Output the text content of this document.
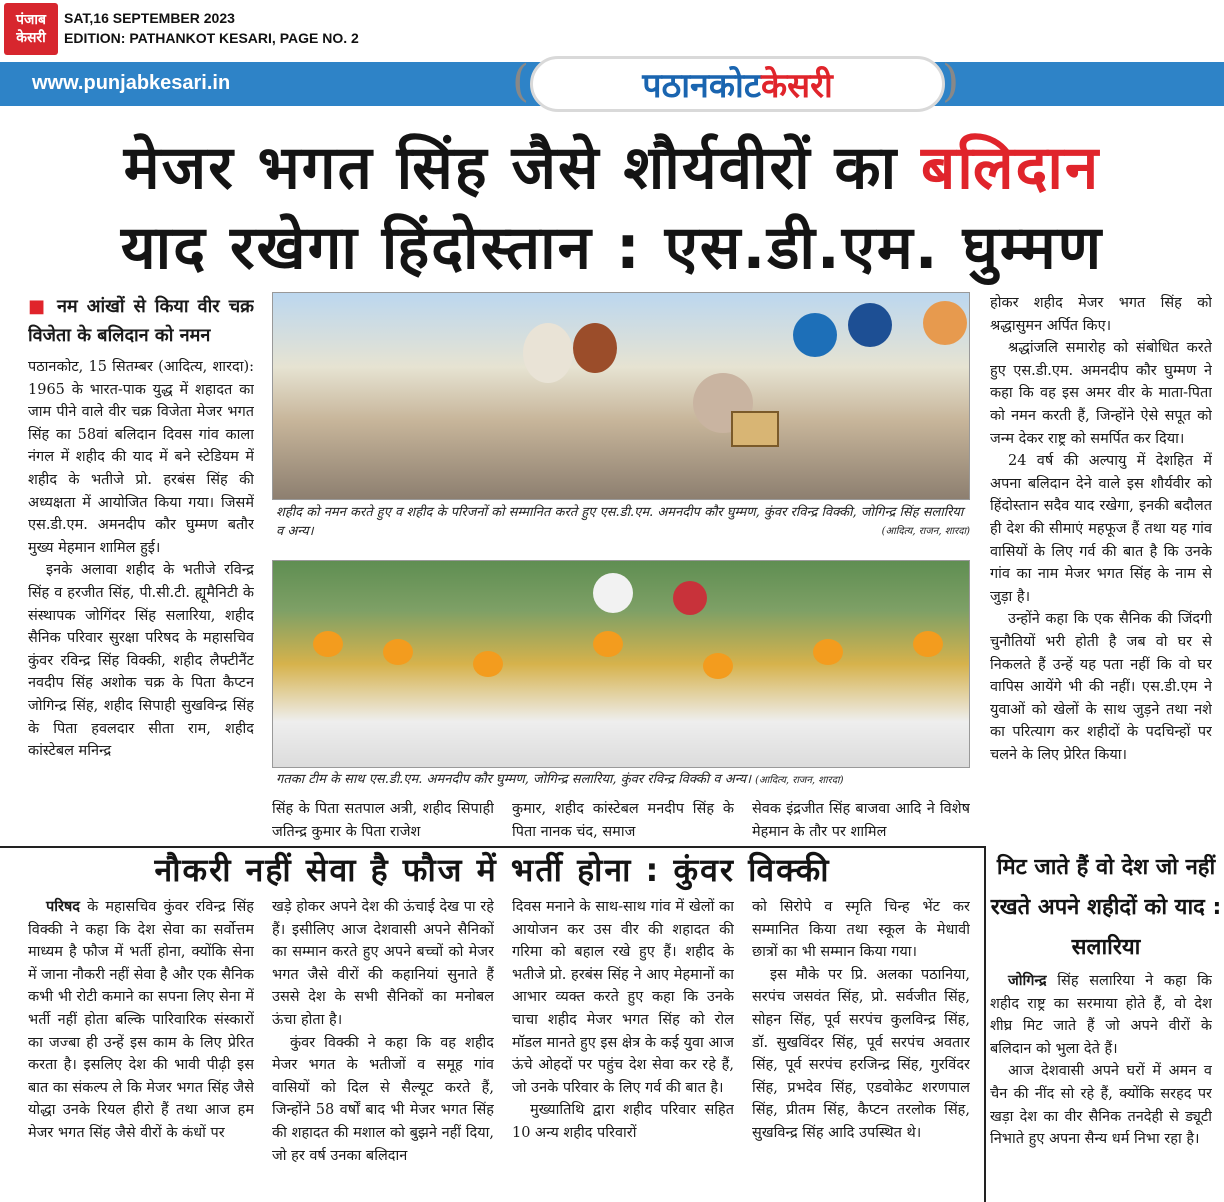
पंजाब
केसरी
SAT,16 SEPTEMBER 2023
EDITION: PATHANKOT KESARI, PAGE NO. 2
www.punjabkesari.in	(	पठानकोट केसरी )
मेजर भगत सिंह जैसे शौर्यवीरों का बलिदान
याद रखेगा हिंदोस्तान : एस.डी.एम. घुम्मण
■ नम आंखों से किया वीर चक्र विजेता के बलिदान को नमन

पठानकोट, 15 सितम्बर (आदित्य, शारदा): 1965 के भारत-पाक युद्ध में शहादत का जाम पीने वाले वीर चक्र विजेता मेजर भगत सिंह का 58वां बलिदान दिवस गांव काला नंगल में शहीद की याद में बने स्टेडियम में शहीद के भतीजे प्रो. हरबंस सिंह की अध्यक्षता में आयोजित किया गया। जिसमें एस.डी.एम. अमनदीप कौर घुम्मण बतौर मुख्य मेहमान शामिल हुई।

इनके अलावा शहीद के भतीजे रविन्द्र सिंह व हरजीत सिंह, पी.सी.टी. ह्यूमैनिटी के संस्थापक जोगिंदर सिंह सलारिया, शहीद सैनिक परिवार सुरक्षा परिषद के महासचिव कुंवर रविन्द्र सिंह विक्की, शहीद लैफ्टीनैंट नवदीप सिंह अशोक चक्र के पिता कैप्टन जोगिन्द्र सिंह, शहीद सिपाही सुखविन्द्र सिंह के पिता हवलदार सीता राम, शहीद कांस्टेबल मनिन्द्र

शहीद को नमन करते हुए व शहीद के परिजनों को सम्मानित करते हुए एस.डी.एम. अमनदीप कौर घुम्मण, कुंवर रविन्द्र विक्की, जोगिन्द्र सिंह सलारिया व अन्य।	(आदित्य, राजन, शारदा)
गतका टीम के साथ एस.डी.एम. अमनदीप कौर घुम्मण, जोगिन्द्र सलारिया, कुंवर रविन्द्र विक्की व अन्य। (आदित्य, राजन, शारदा)

सिंह के पिता सतपाल अत्री, शहीद सिपाही जतिन्द्र कुमार के पिता राजेश

कुमार, शहीद कांस्टेबल मनदीप सिंह के पिता नानक चंद, समाज

सेवक इंद्रजीत सिंह बाजवा आदि ने विशेष मेहमान के तौर पर शामिल

होकर शहीद मेजर भगत सिंह को श्रद्धासुमन अर्पित किए।

श्रद्धांजलि समारोह को संबोधित करते हुए एस.डी.एम. अमनदीप कौर घुम्मण ने कहा कि वह इस अमर वीर के माता-पिता को नमन करती हैं, जिन्होंने ऐसे सपूत को जन्म देकर राष्ट्र को समर्पित कर दिया।

24 वर्ष की अल्पायु में देशहित में अपना बलिदान देने वाले इस शौर्यवीर को हिंदोस्तान सदैव याद रखेगा, इनकी बदौलत ही देश की सीमाएं महफूज हैं तथा यह गांव वासियों के लिए गर्व की बात है कि उनके गांव का नाम मेजर भगत सिंह के नाम से जुड़ा है।

उन्होंने कहा कि एक सैनिक की जिंदगी चुनौतियों भरी होती है जब वो घर से निकलते हैं उन्हें यह पता नहीं कि वो घर वापिस आयेंगे भी की नहीं। एस.डी.एम ने युवाओं को खेलों के साथ जुड़ने तथा नशे का परित्याग कर शहीदों के पदचिन्हों पर चलने के लिए प्रेरित किया।

नौकरी नहीं सेवा है फौज में भर्ती होना : कुंवर विक्की

परिषद के महासचिव कुंवर रविन्द्र सिंह विक्की ने कहा कि देश सेवा का सर्वोत्तम माध्यम है फौज में भर्ती होना, क्योंकि सेना में जाना नौकरी नहीं सेवा है और एक सैनिक कभी भी रोटी कमाने का सपना लिए सेना में भर्ती नहीं होता बल्कि पारिवारिक संस्कारों का जज्बा ही उन्हें इस काम के लिए प्रेरित करता है। इसलिए देश की भावी पीढ़ी इस बात का संकल्प ले कि मेजर भगत सिंह जैसे योद्धा उनके रियल हीरो हैं तथा आज हम मेजर भगत सिंह जैसे वीरों के कंधों पर

खड़े होकर अपने देश की ऊंचाई देख पा रहे हैं। इसीलिए आज देशवासी अपने सैनिकों का सम्मान करते हुए अपने बच्चों को मेजर भगत जैसे वीरों की कहानियां सुनाते हैं उससे देश के सभी सैनिकों का मनोबल ऊंचा होता है।

कुंवर विक्की ने कहा कि वह शहीद मेजर भगत के भतीजों व समूह गांव वासियों को दिल से सैल्यूट करते हैं, जिन्होंने 58 वर्षों बाद भी मेजर भगत सिंह की शहादत की मशाल को बुझने नहीं दिया, जो हर वर्ष उनका बलिदान

दिवस मनाने के साथ-साथ गांव में खेलों का आयोजन कर उस वीर की शहादत की गरिमा को बहाल रखे हुए हैं। शहीद के भतीजे प्रो. हरबंस सिंह ने आए मेहमानों का आभार व्यक्त करते हुए कहा कि उनके चाचा शहीद मेजर भगत सिंह को रोल मॉडल मानते हुए इस क्षेत्र के कई युवा आज ऊंचे ओहदों पर पहुंच देश सेवा कर रहे हैं, जो उनके परिवार के लिए गर्व की बात है।

मुख्यातिथि द्वारा शहीद परिवार सहित 10 अन्य शहीद परिवारों

को सिरोपे व स्मृति चिन्ह भेंट कर सम्मानित किया तथा स्कूल के मेधावी छात्रों का भी सम्मान किया गया।

इस मौके पर प्रि. अलका पठानिया, सरपंच जसवंत सिंह, प्रो. सर्वजीत सिंह, सोहन सिंह, पूर्व सरपंच कुलविन्द्र सिंह, डॉ. सुखविंदर सिंह, पूर्व सरपंच अवतार सिंह, पूर्व सरपंच हरजिन्द्र सिंह, गुरविंदर सिंह, प्रभदेव सिंह, एडवोकेट शरणपाल सिंह, प्रीतम सिंह, कैप्टन तरलोक सिंह, सुखविन्द्र सिंह आदि उपस्थित थे।

मिट जाते हैं वो देश जो नहीं रखते अपने शहीदों को याद : सलारिया

जोगिन्द्र सिंह सलारिया ने कहा कि शहीद राष्ट्र का सरमाया होते हैं, वो देश शीघ्र मिट जाते हैं जो अपने वीरों के बलिदान को भुला देते हैं।

आज देशवासी अपने घरों में अमन व चैन की नींद सो रहे हैं, क्योंकि सरहद पर खड़ा देश का वीर सैनिक तनदेही से ड्यूटी निभाते हुए अपना सैन्य धर्म निभा रहा है।
